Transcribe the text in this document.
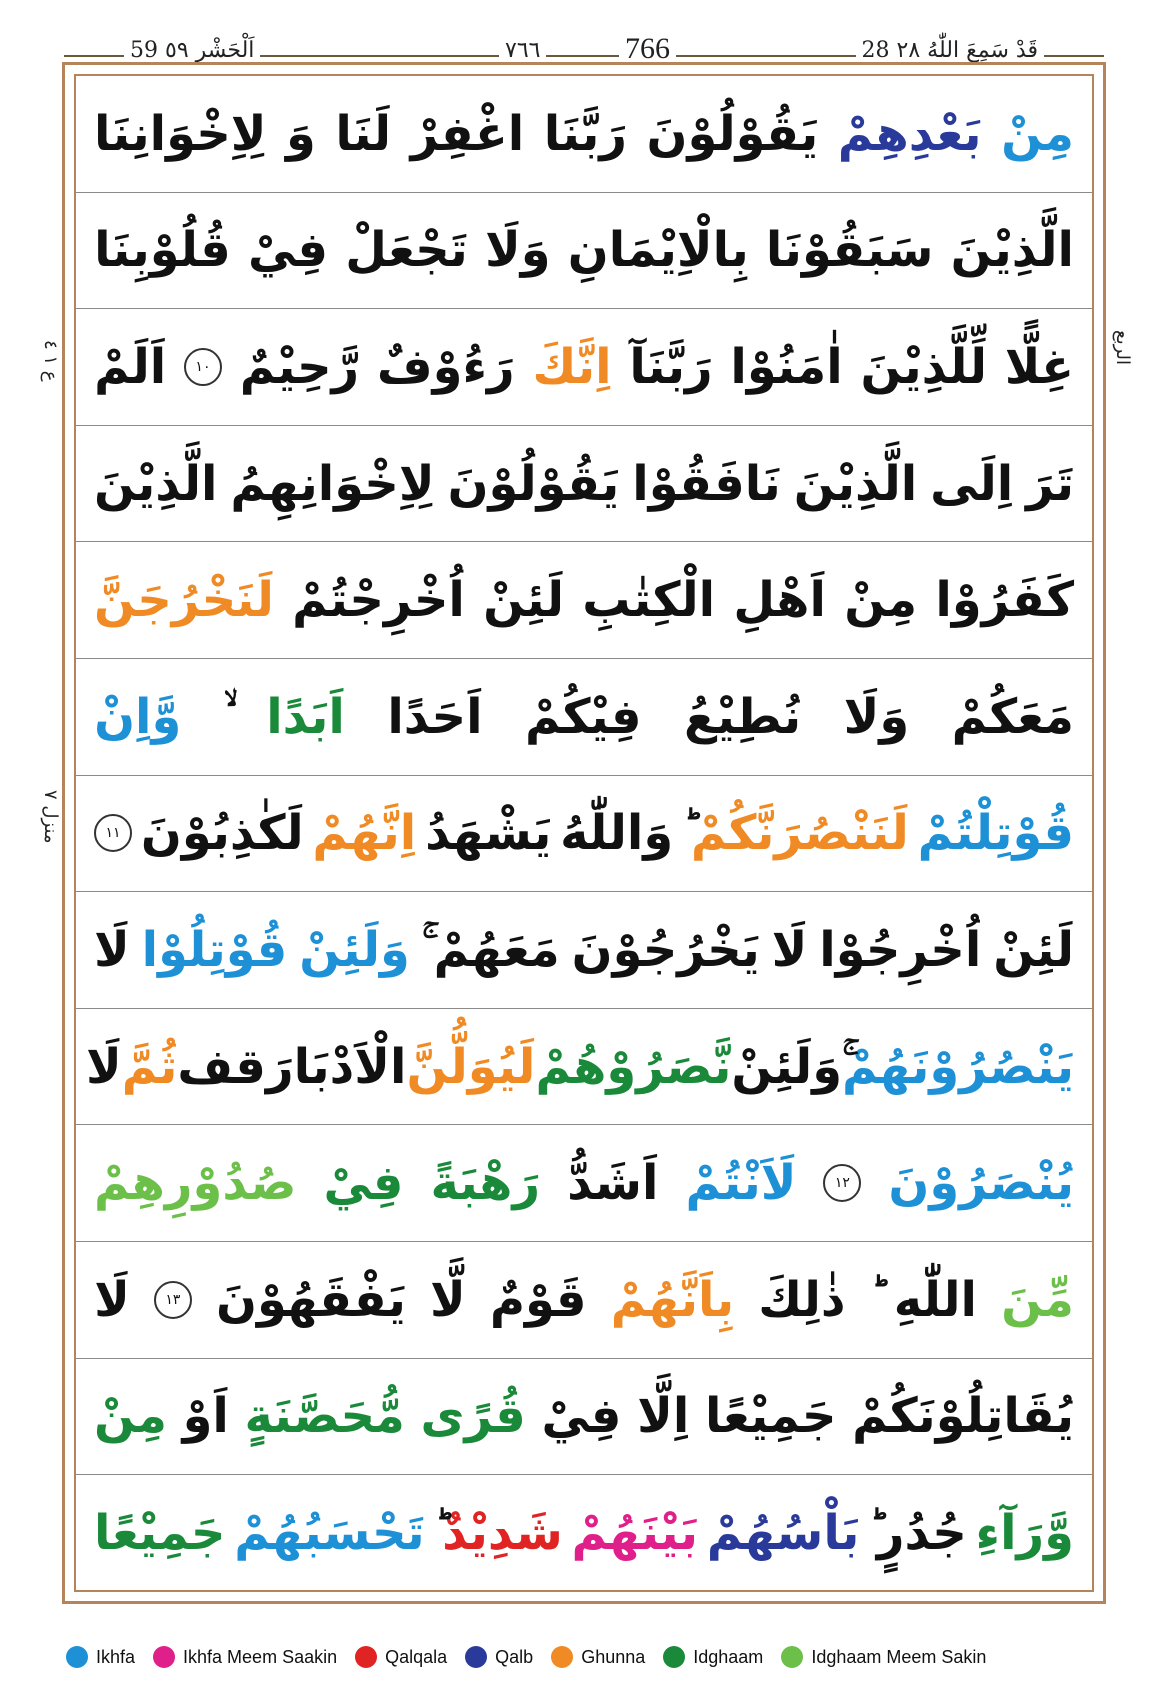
59 اَلْحَشْر ٥٩	٧٦٦	766	28 قَدْ سَمِعَ اللّٰهُ ٢٨
ع ١ ٤
منزل ٧
الربع
مِنْ
بَعْدِهِمْ
يَقُوْلُوْنَ
رَبَّنَا
اغْفِرْ
لَنَا
وَ
لِاِخْوَانِنَا
الَّذِيْنَ
سَبَقُوْنَا
بِالْاِيْمَانِ
وَلَا
تَجْعَلْ
فِيْ
قُلُوْبِنَا
غِلًّا
لِّلَّذِيْنَ
اٰمَنُوْا
رَبَّنَآ
اِنَّكَ
رَءُوْفٌ
رَّحِيْمٌ
١٠
اَلَمْ
تَرَ
اِلَى
الَّذِيْنَ
نَافَقُوْا
يَقُوْلُوْنَ
لِاِخْوَانِهِمُ
الَّذِيْنَ
كَفَرُوْا
مِنْ
اَهْلِ
الْكِتٰبِ
لَئِنْ
اُخْرِجْتُمْ
لَنَخْرُجَنَّ
مَعَكُمْ
وَلَا
نُطِيْعُ
فِيْكُمْ
اَحَدًا
اَبَدًا
وَّاِنْ
قُوْتِلْتُمْ
لَنَنْصُرَنَّكُمْ
وَاللّٰهُ
يَشْهَدُ
اِنَّهُمْ
لَكٰذِبُوْنَ
١١
لَئِنْ
اُخْرِجُوْا
لَا
يَخْرُجُوْنَ
مَعَهُمْ
وَلَئِنْ
قُوْتِلُوْا
لَا
يَنْصُرُوْنَهُمْ
وَلَئِنْ
نَّصَرُوْهُمْ
لَيُوَلُّنَّ
الْاَدْبَارَ
قف
ثُمَّ
لَا
يُنْصَرُوْنَ
١٢
لَاَنْتُمْ
اَشَدُّ
رَهْبَةً
فِيْ
صُدُوْرِهِمْ
مِّنَ
اللّٰهِ
ذٰلِكَ
بِاَنَّهُمْ
قَوْمٌ
لَّا
يَفْقَهُوْنَ
١٣
لَا
يُقَاتِلُوْنَكُمْ
جَمِيْعًا
اِلَّا
فِيْ
قُرًى
مُّحَصَّنَةٍ
اَوْ
مِنْ
وَّرَآءِ
جُدُرٍ
بَاْسُهُمْ
بَيْنَهُمْ
شَدِيْدٌ
تَحْسَبُهُمْ
جَمِيْعًا
Ikhfa	Ikhfa Meem Saakin	Qalqala	Qalb	Ghunna	Idghaam	Idghaam Meem Sakin
